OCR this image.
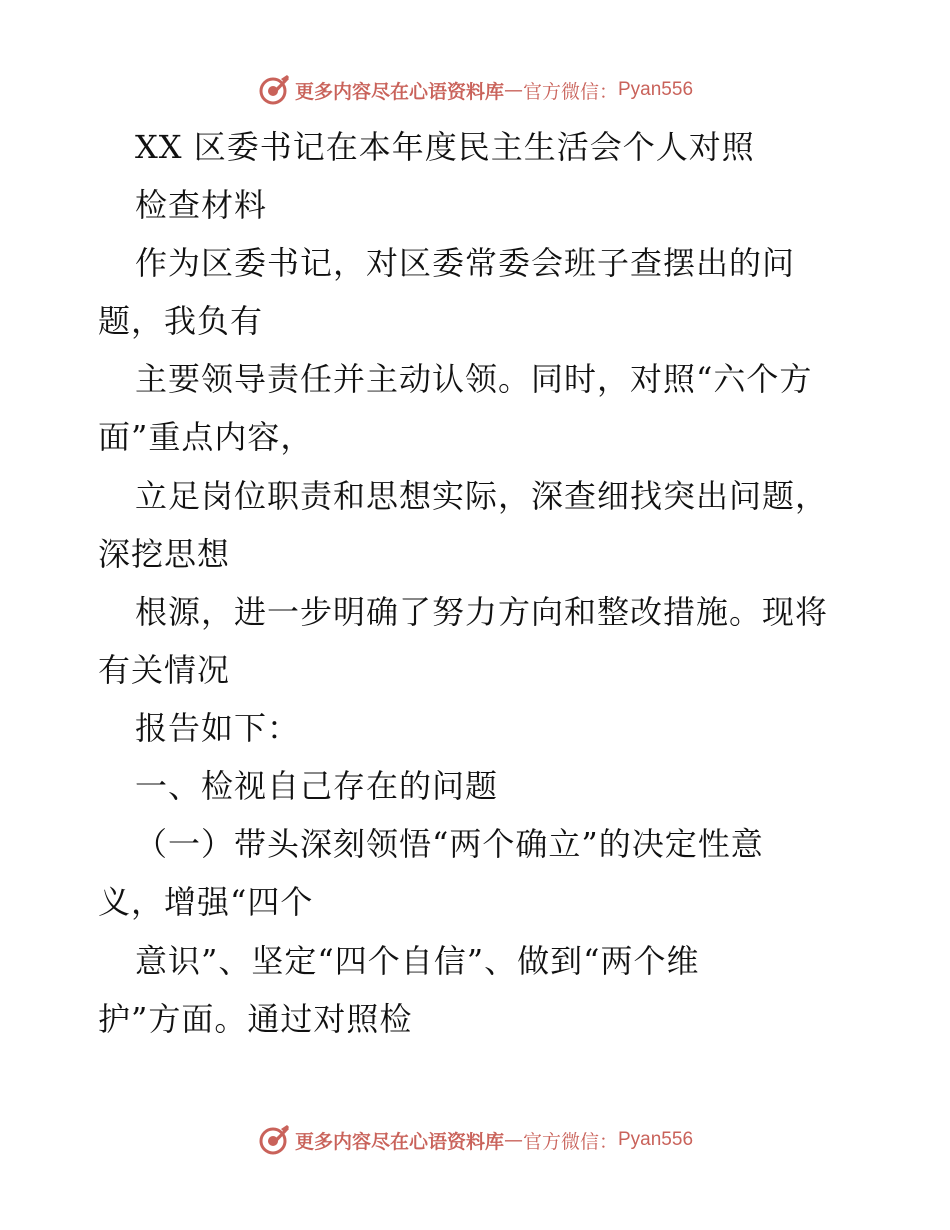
更多内容尽在心语资料库 — 官方微信： Pyan556
XX 区委书记在本年度民主生活会个人对照
检查材料
作为区委书记，对区委常委会班子查摆出的问
题，我负有
主要领导责任并主动认领。同时，对照“六个方
面”重点内容，
立足岗位职责和思想实际，深查细找突出问题，
深挖思想
根源，进一步明确了努力方向和整改措施。现将
有关情况
报告如下：
一、检视自己存在的问题
（一）带头深刻领悟“两个确立”的决定性意
义，增强“四个
意识”、坚定“四个自信”、做到“两个维
护”方面。通过对照检
更多内容尽在心语资料库 — 官方微信： Pyan556
